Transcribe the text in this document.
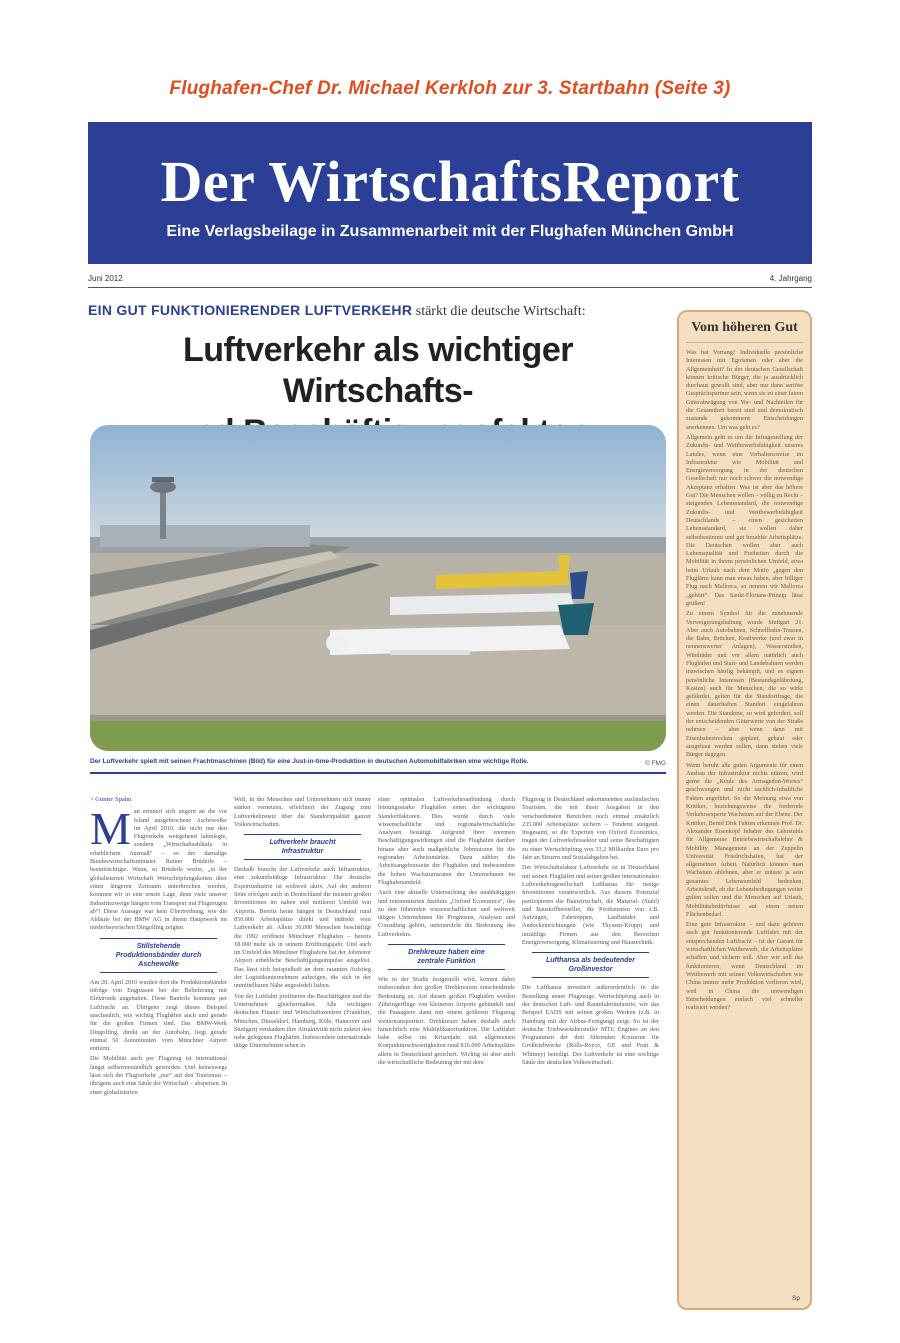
Flughafen-Chef Dr. Michael Kerkloh zur 3. Startbahn (Seite 3)
Der WirtschaftsReport
Eine Verlagsbeilage in Zusammenarbeit mit der Flughafen München GmbH
Juni 2012	4. Jahrgang
EIN GUT FUNKTIONIERENDER LUFTVERKEHR stärkt die deutsche Wirtschaft:
Luftverkehr als wichtiger Wirtschafts-
Der Luftverkehr spielt mit seinen Frachtmaschinen (Bild) für eine Just-in-time-Produktion in deutschen Automobilfabriken eine wichtige Rolle.	© FMG
> Günter Spahn

Man erinnert sich ungern an die vor Island ausgebrochene Aschewolke im April 2010, die nicht nur den Flugverkehr weitgehend lahmlegte, sondern „Wirtschaftsabläufe in erheblichem Ausmaß“ – so der damalige Bundeswirtschaftsminister Rainer Brüderle – beeinträchtigte. Wenn, so Brüderle weiter, „in der globalisierten Wirtschaft Wertschöpfungsketten über einen längeren Zeitraum unterbrochen werden, kommen wir in eine ernste Lage, denn viele unserer Industriezweige hängen vom Transport mit Flugzeugen ab“! Diese Aussage war kein Übertreibung, wie die Abläufe bei der BMW AG in ihrem Hauptwerk im niederbayerischen Dingolfing zeigten.

Stillstehende Produktionsbänder durch Aschewolke

Am 20. April 2010 wurden dort die Produktionsbänder infolge von Engpässen bei der Belieferung mit Elektronik angehalten. Diese Bauteile kommen per Luftfracht an. Übrigens zeigt dieses Beispiel anschaulich, wie wichtig Flughäfen auch und gerade für die großen Firmen sind. Das BMW-Werk Dingolfing, direkt an der Autobahn, liegt gerade einmal 50 Autominuten vom Münchner Airport entfernt.

Die Mobilität auch per Flugzeug ist international längst selbstverständlich geworden. Und keineswegs lässt sich der Flugverkehr „nur“ auf den Tourismus – übrigens auch eine Säule der Wirtschaft – abspeisen. In einer globalisierten

Welt, in der Menschen und Unternehmen sich immer stärker vernetzen, erleichtert der Zugang zum Luftverkehrsnetz über die Standortqualität ganzer Volkswirtschaften.

Luftverkehr braucht Infrastruktur

Deshalb braucht der Luftverkehr auch Infrastruktur, eine zukunftsfähige Infrastruktur. Die deutsche Exportindustrie ist weltweit aktiv. Auf der anderen Seite erfolgen auch in Deutschland die meisten großen Investitionen im nahen und mittleren Umfeld von Airports. Bereits heute hängen in Deutschland rund 850.000 Arbeitsplätze direkt und indirekt vom Luftverkehr ab. Allein 30.000 Menschen beschäftigt die 1992 eröffnete Münchner Flughafen – bereits 18.000 mehr als in seinem Eröffnungsjahr. Und auch im Umfeld des Münchner Flughafens hat der Jobmotor Airport erhebliche Beschäftigungsimpulse ausgelöst. Das lässt sich beispielhaft an dem rasanten Aufstieg der Logistikunternehmen aufzeigen, die sich in der unmittelbaren Nähe angesiedelt haben.

Von der Luftfahrt profitieren die Beschäftigten und die Unternehmen gleichermaßen. Alle wichtigen deutschen Finanz- und Wirtschaftszentren (Frankfurt, München, Düsseldorf, Hamburg, Köln, Hannover und Stuttgart) verdanken ihre Attraktivität nicht zuletzt den nahe gelegenen Flughäfen. Insbesondere internationale tätige Unternehmen sehen in

einer optimalen Luftverkehrsanbindung durch leistungsstarke Flughäfen einen der wichtigsten Standortfaktoren. Dies wurde durch viele wissenschaftliche und regionalwirtschaftliche Analysen bestätigt. Aufgrund ihrer enormen Beschäftigungswirkungen sind die Flughäfen darüber hinaus aber auch maßgebliche Jobmotoren für die regionalen Arbeitsmärkte. Dazu zählen die Arbeitsangebotsseite der Flughäfen und insbesondere die hohen Wachstumsraten der Unternehmen im Flughafenumfeld.

Auch eine aktuelle Untersuchung des unabhängigen und renommierten Instituts „Oxford Economics“, das zu den führenden wissenschaftlichen und weltweit tätigen Unternehmen für Prognosen, Analysen und Consulting gehört, unterstreicht die Bedeutung des Luftverkehrs.

Drehkreuze haben eine zentrale Funktion

Wie in der Studie festgestellt wird, kommt dabei insbesondere den großen Drehkreuzen entscheidende Bedeutung zu. Auf diesen großen Flughäfen werden Zubringerflüge von kleineren Airports gebündelt und die Passagiere dann mit einem größeren Flugzeug weitertransportiert. Drehkreuze haben deshalb auch hinsichtlich eine Multiplikatorfunktion. Die Luftfahrt habe selbst im Krisenjahr mit allgemeinen Konjunkturschwierigkeiten rund 816.000 Arbeitsplätze allein in Deutschland gesichert. Wichtig ist aber auch die wirtschaftliche Bedeutung der mit dem

Flugzeug in Deutschland ankommenden ausländischen Touristen, die mit ihren Ausgaben in den verschiedensten Bereichen noch einmal zusätzlich 235.000 Arbeitsplätze sichern – Tendenz steigend. Insgesamt, so die Experten von Oxford Economics, tragen der Luftverkehrssektor und seine Beschäftigten zu einer Wertschöpfung von 33,2 Milliarden Euro pro Jahr an Steuern und Sozialabgaben bei.

Der Wirtschaftsfaktor Luftverkehr ist in Deutschland mit seinen Flughäfen und seiner großen internationalen Luftverkehrsgesellschaft Lufthansa für riesige Investitionen verantwortlich. Aus diesem Potenzial partizipieren die Bauwirtschaft, die Material- (Stahl) und Baustoffhersteller, die Produzenten von z.B. Aufzügen, Fahrtreppen, Laufbänder und Andockeinrichtungen (wie Thyssen-Krupp) und unzählige Firmen aus den Bereichen Energieversorgung, Klimatisierung und Haustechnik.

Lufthansa als bedeutender Großinvestor

Die Lufthansa investiert außerordentlich in die Bestellung neuer Flugzeuge. Wertschöpfung auch in der deutschen Luft- und Raumfahrtindustrie, wie das Beispiel EADS mit seinen großen Werken (z.B. in Hamburg mit der Airbus-Fertigung) zeigt. So ist der deutsche Triebwerkshersteller MTU Engines an den Programmen der drei führenden Konzerne für Großtriebwerke (Rolls-Royce, GE und Pratt & Whitney) beteiligt. Der Luftverkehr ist eine wichtige Säule der deutschen Volkswirtschaft.

Vom höheren Gut

Was hat Vorrang? Individuelle persönliche Interessen mit Egoismen oder aber die Allgemeinheit? In der deutschen Gesellschaft können kritische Bürger, die ja ausdrücklich durchaus gewollt sind, aber nur dann seriöse Gesprächspartner sein, wenn sie zu einer fairen Güterabwägung von Vor- und Nachteilen für die Gesamtheit bereit sind und demokratisch zustande gekommene Entscheidungen anerkennen. Um was geht es?

Allgemein geht es um die Infragestellung der Zukunfts- und Wettbewerbsfähigkeit unseres Landes, wenn eine Verhaltensweise im Infrastruktur wie Mobilität und Energieversorgung in der deutschen Gesellschaft nur noch schwer die notwendige Akzeptanz erhalten. Was ist aber das höhere Gut? Die Menschen wollen – völlig zu Recht – steigenden Lebensstandard, die notwendige Zukunfts- und Wettbewerbsfähigkeit Deutschlands – einen gesicherten Lebensstandard, sie wollen daher selbstbestimmt und gut bezahlte Arbeitsplätze. Die Deutschen wollen aber auch Lebensqualität und Freiheiten durch die Mobilität in ihrem persönlichen Umfeld, etwa beim Urlaub nach dem Motto „gegen den Fluglärm kann man etwas haben, aber billiger Flug nach Mallorca, so nennen wir Mallorca „gehört“. Das Sankt-Florians-Prinzip lässt grüßen!

Zu einem Symbol für die zunehmende Verweigerungshaltung wurde Stuttgart 21. Aber auch Autobahnen, Schnellbahn-Trassen, die Bahn, Brücken, Kraftwerke (und zwar in nennenswerter Anlagen), Wasserstraßen, Windräder und vor allem natürlich auch Flughäfen und Start- und Landebahnen werden inzwischen häufig bekämpft, und es eignen persönliche Interessen (Bestandsgefährdung, Kosten) auch für Menschen, die so wirkt gefährdet, gelten für die Standortfrage, die einen dauerhaften Standort eingefahren werden. Die Standorte, so wird gefordert, soll der entscheidenden Güterwerte von der Straße nehmen – aber wenn dann mit Eisenbahnstrecken geplant, gebaut oder ausgebaut werden sollen, dann stehen viele Bürger dagegen.

Wenn beruht alle guten Argumente für einen Ausbau der Infrastruktur nichts nützen, wird gerne die „Keule des Armagedon-Wortes“ geschwungen und nicht sachlich-inhaltliche Fakten angeführt. So die Meinung etwa von Kritiker, beziehungsweise die fordernde Verkehrsexperte Wachstum auf der Ebene. Der Kritiker, Bernd Dirk Fakten erkennen Prof. Dr. Alexander Eisenkopf Inhaber des Lehrstuhls für Allgemeine Betriebswirtschaftslehre & Mobility Management an der Zeppelin Universität Friedrichshafen, hat der allgemeinen Arbeit. Natürlich können man Wachstum ablehnen, aber er müsste ja sein gesamtes Lebensumfeld bedenken, Arbeitskraft, ob die Lebensbedingungen weiter gelten sollen und die Menschen auf Urlaub, Mobilitätsbedürfnisse auf einen neuen Flächenbedarf.

Eine gute Infrastruktur – und dazu gehören auch gut funktionierende Luftfahrt mit der entsprechenden Luftfracht – ist der Garant für wirtschaftlichen Wettbewerb, die Arbeitsplätze schaffen und sichern soll. Aber wie soll das funktionieren, wenn Deutschland im Wettbewerb mit seinen Volkswirtschaften wie China immer mehr Produktion verlieren wird, weil in China die notwendigen Entscheidungen einfach viel schneller realisiert werden?

Sp
